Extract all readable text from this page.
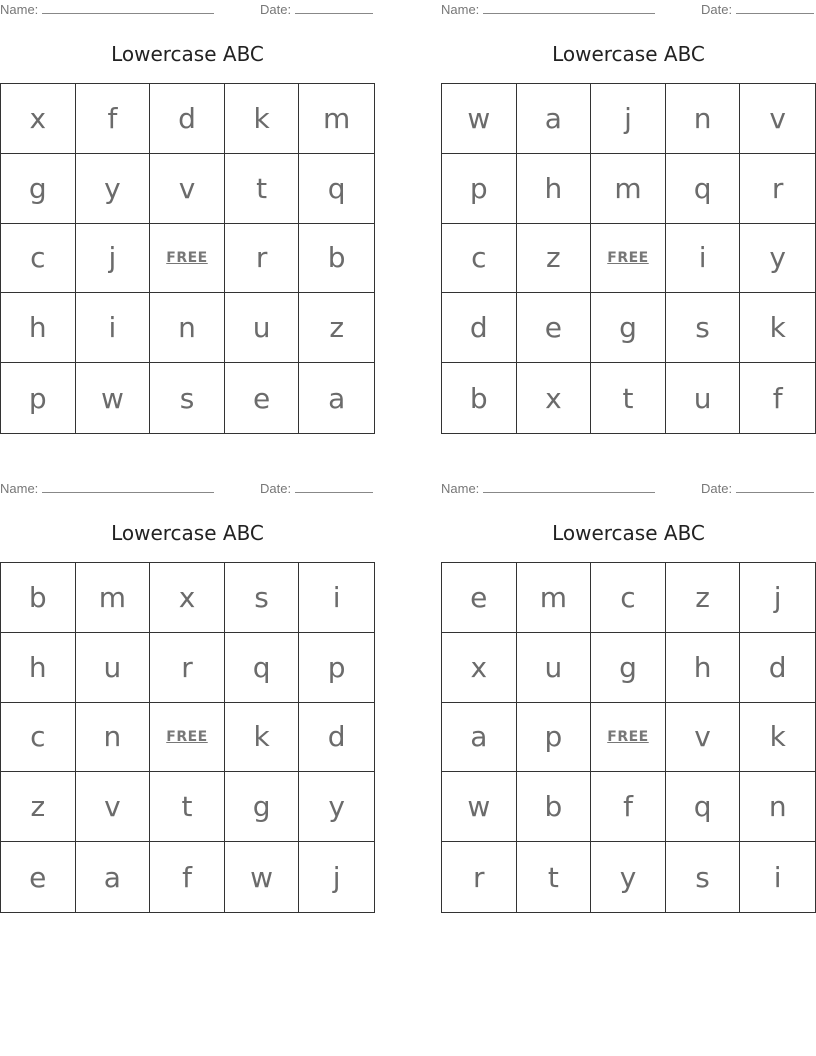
Name:	Date:
Lowercase ABC
x	f	d	k	m
g	y	v	t	q
c	j	FREE	r	b
h	i	n	u	z
p	w	s	e	a
Name:	Date:
Lowercase ABC
w	a	j	n	v
p	h	m	q	r
c	z	FREE	i	y
d	e	g	s	k
b	x	t	u	f
Name:	Date:
Lowercase ABC
b	m	x	s	i
h	u	r	q	p
c	n	FREE	k	d
z	v	t	g	y
e	a	f	w	j
Name:	Date:
Lowercase ABC
e	m	c	z	j
x	u	g	h	d
a	p	FREE	v	k
w	b	f	q	n
r	t	y	s	i
